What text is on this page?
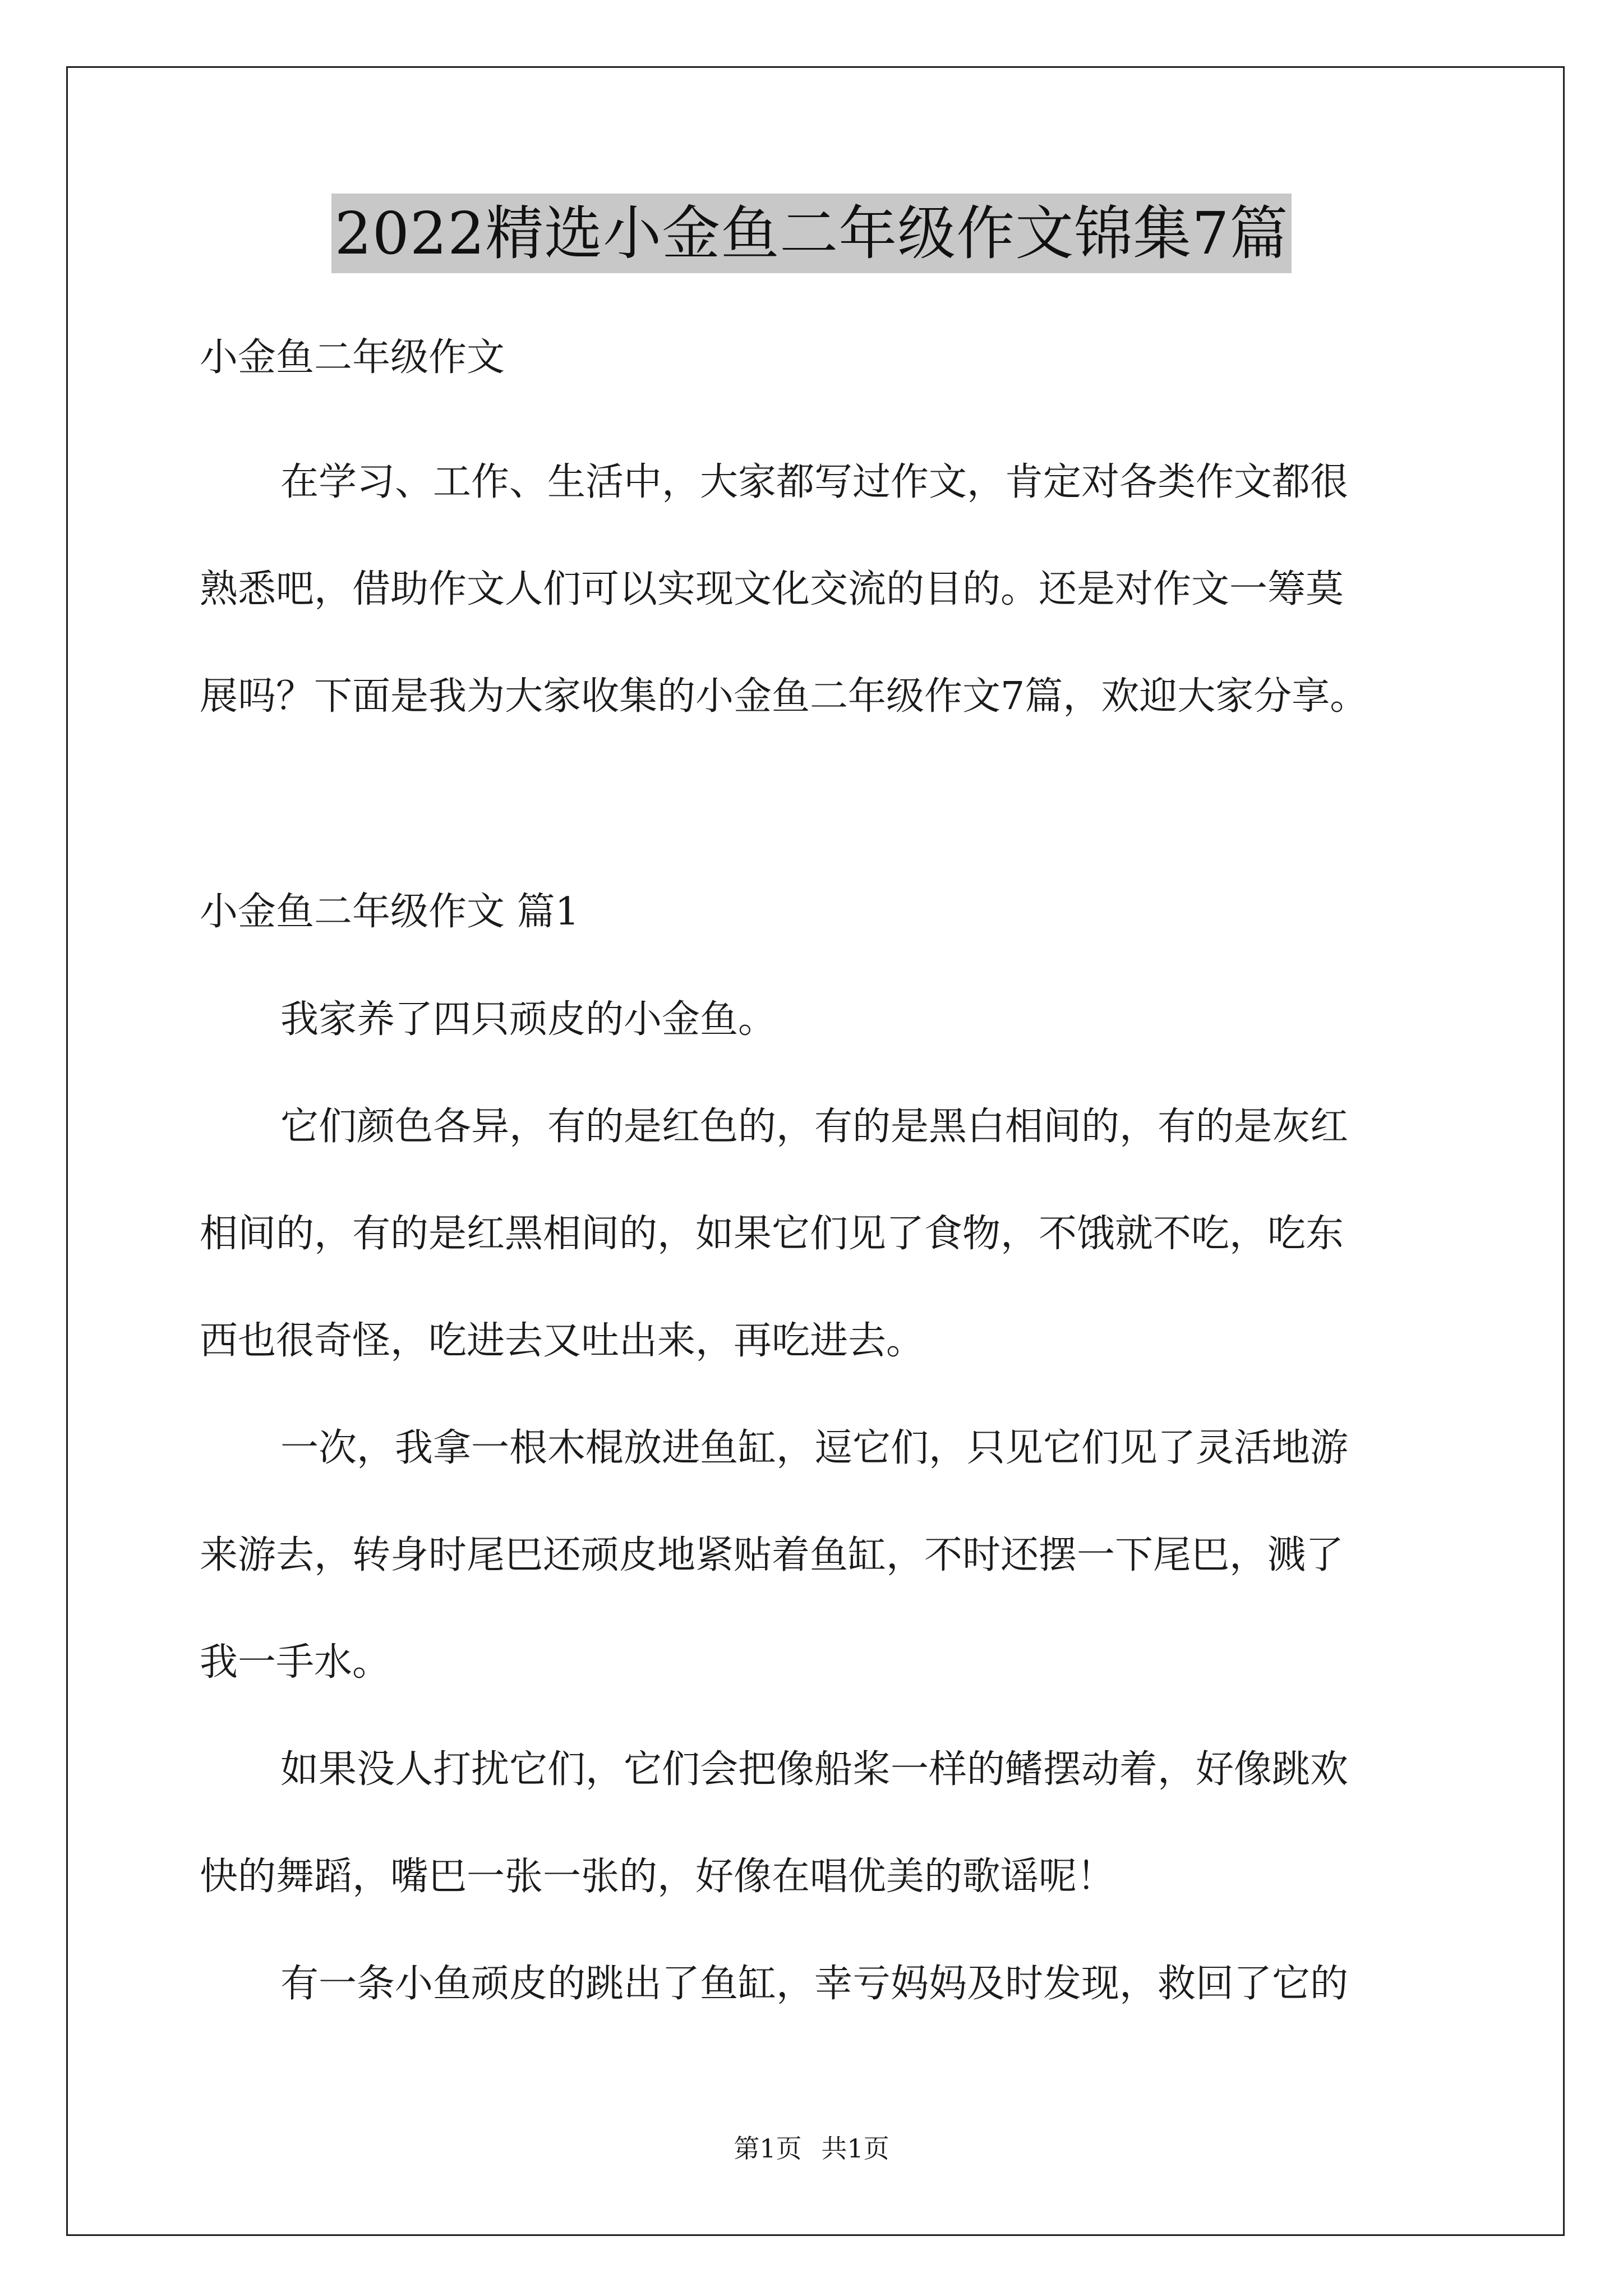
2022精选小金鱼二年级作文锦集7篇
小金鱼二年级作文
在学习、工作、生活中，大家都写过作文，肯定对各类作文都很
熟悉吧，借助作文人们可以实现文化交流的目的。还是对作文一筹莫
展吗？下面是我为大家收集的小金鱼二年级作文7篇，欢迎大家分享。
小金鱼二年级作文 篇1
我家养了四只顽皮的小金鱼。
它们颜色各异，有的是红色的，有的是黑白相间的，有的是灰红
相间的，有的是红黑相间的，如果它们见了食物，不饿就不吃，吃东
西也很奇怪，吃进去又吐出来，再吃进去。
一次，我拿一根木棍放进鱼缸，逗它们，只见它们见了灵活地游
来游去，转身时尾巴还顽皮地紧贴着鱼缸，不时还摆一下尾巴，溅了
我一手水。
如果没人打扰它们，它们会把像船桨一样的鳍摆动着，好像跳欢
快的舞蹈，嘴巴一张一张的，好像在唱优美的歌谣呢！
有一条小鱼顽皮的跳出了鱼缸，幸亏妈妈及时发现，救回了它的
第1页 共1页
